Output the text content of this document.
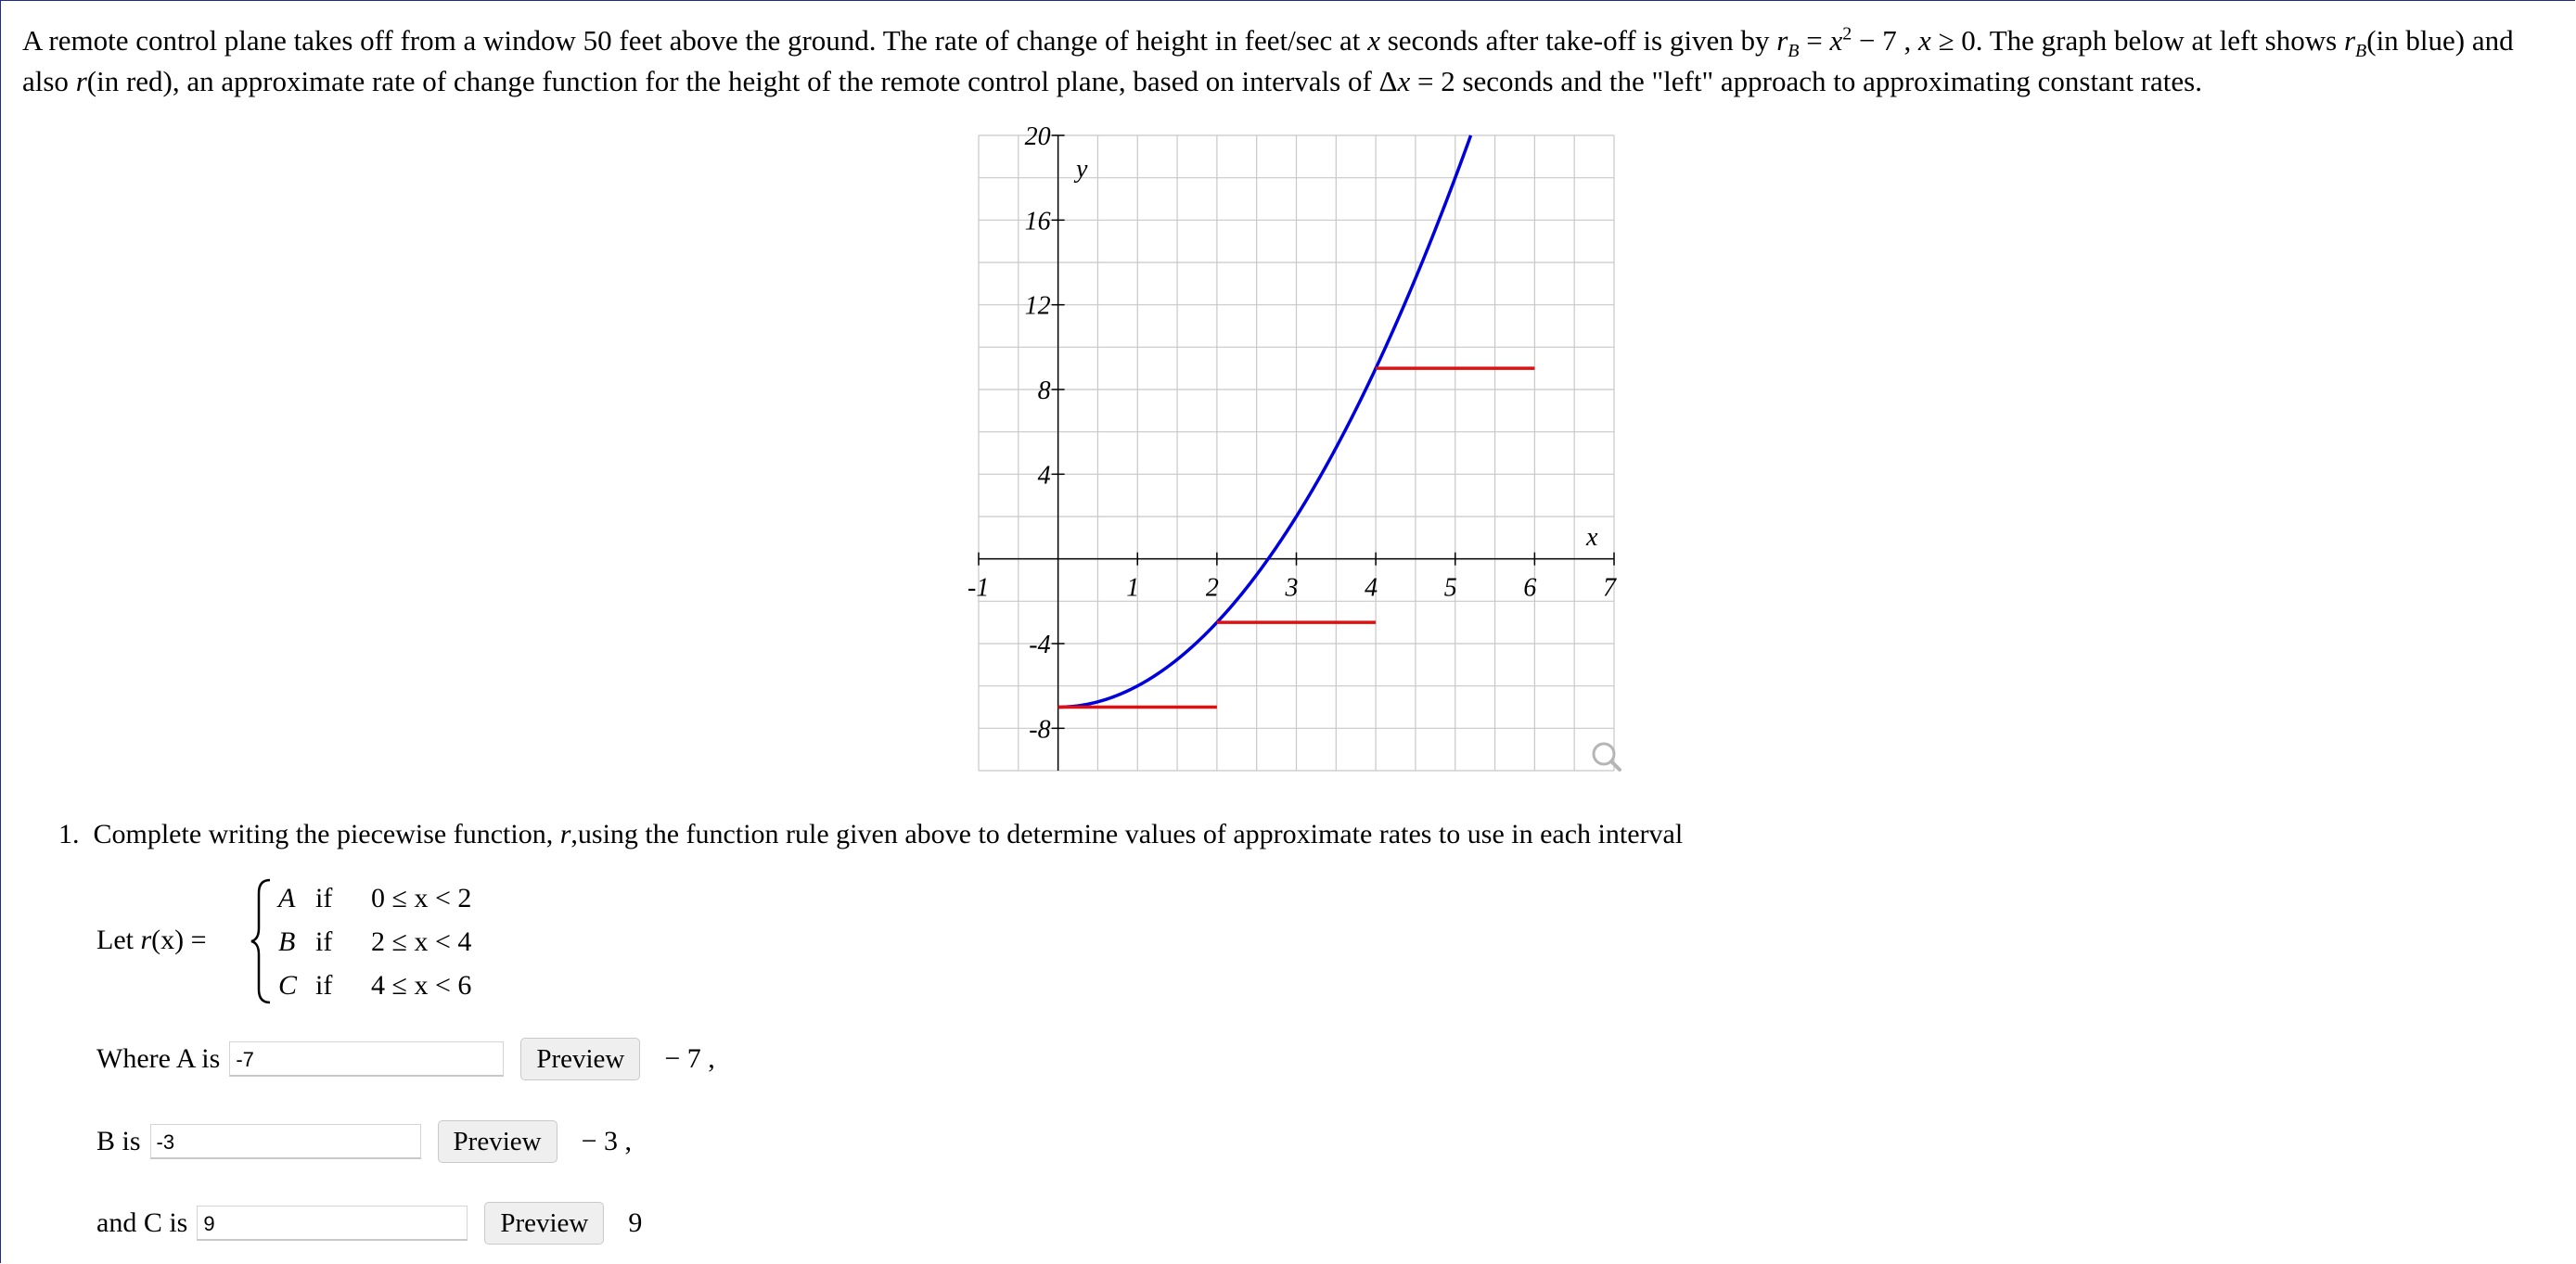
A remote control plane takes off from a window 50 feet above the ground. The rate of change of height in feet/sec at x seconds after take-off is given by $r_B = x^2 - 7$ , x ≥ 0. The graph below at left shows $r_B(in$ blue) and also r(in red), an approximate rate of change function for the height of the remote control plane, based on intervals of Δx = 2 seconds and the "left" approach to approximating constant rates.
-1	1	2	3	4	5	6	7
20
16
12
8
4
-4
-8
x
y
1. Complete writing the piecewise function, r,using the function rule given above to determine values of approximate rates to use in each interval
Let r(x) =
A if 0 ≤ x < 2
B if 2 ≤ x < 4
C if 4 ≤ x < 6
Where A is -7	Preview	− 7 ,
B is -3	Preview	− 3 ,
and C is 9	Preview	9
